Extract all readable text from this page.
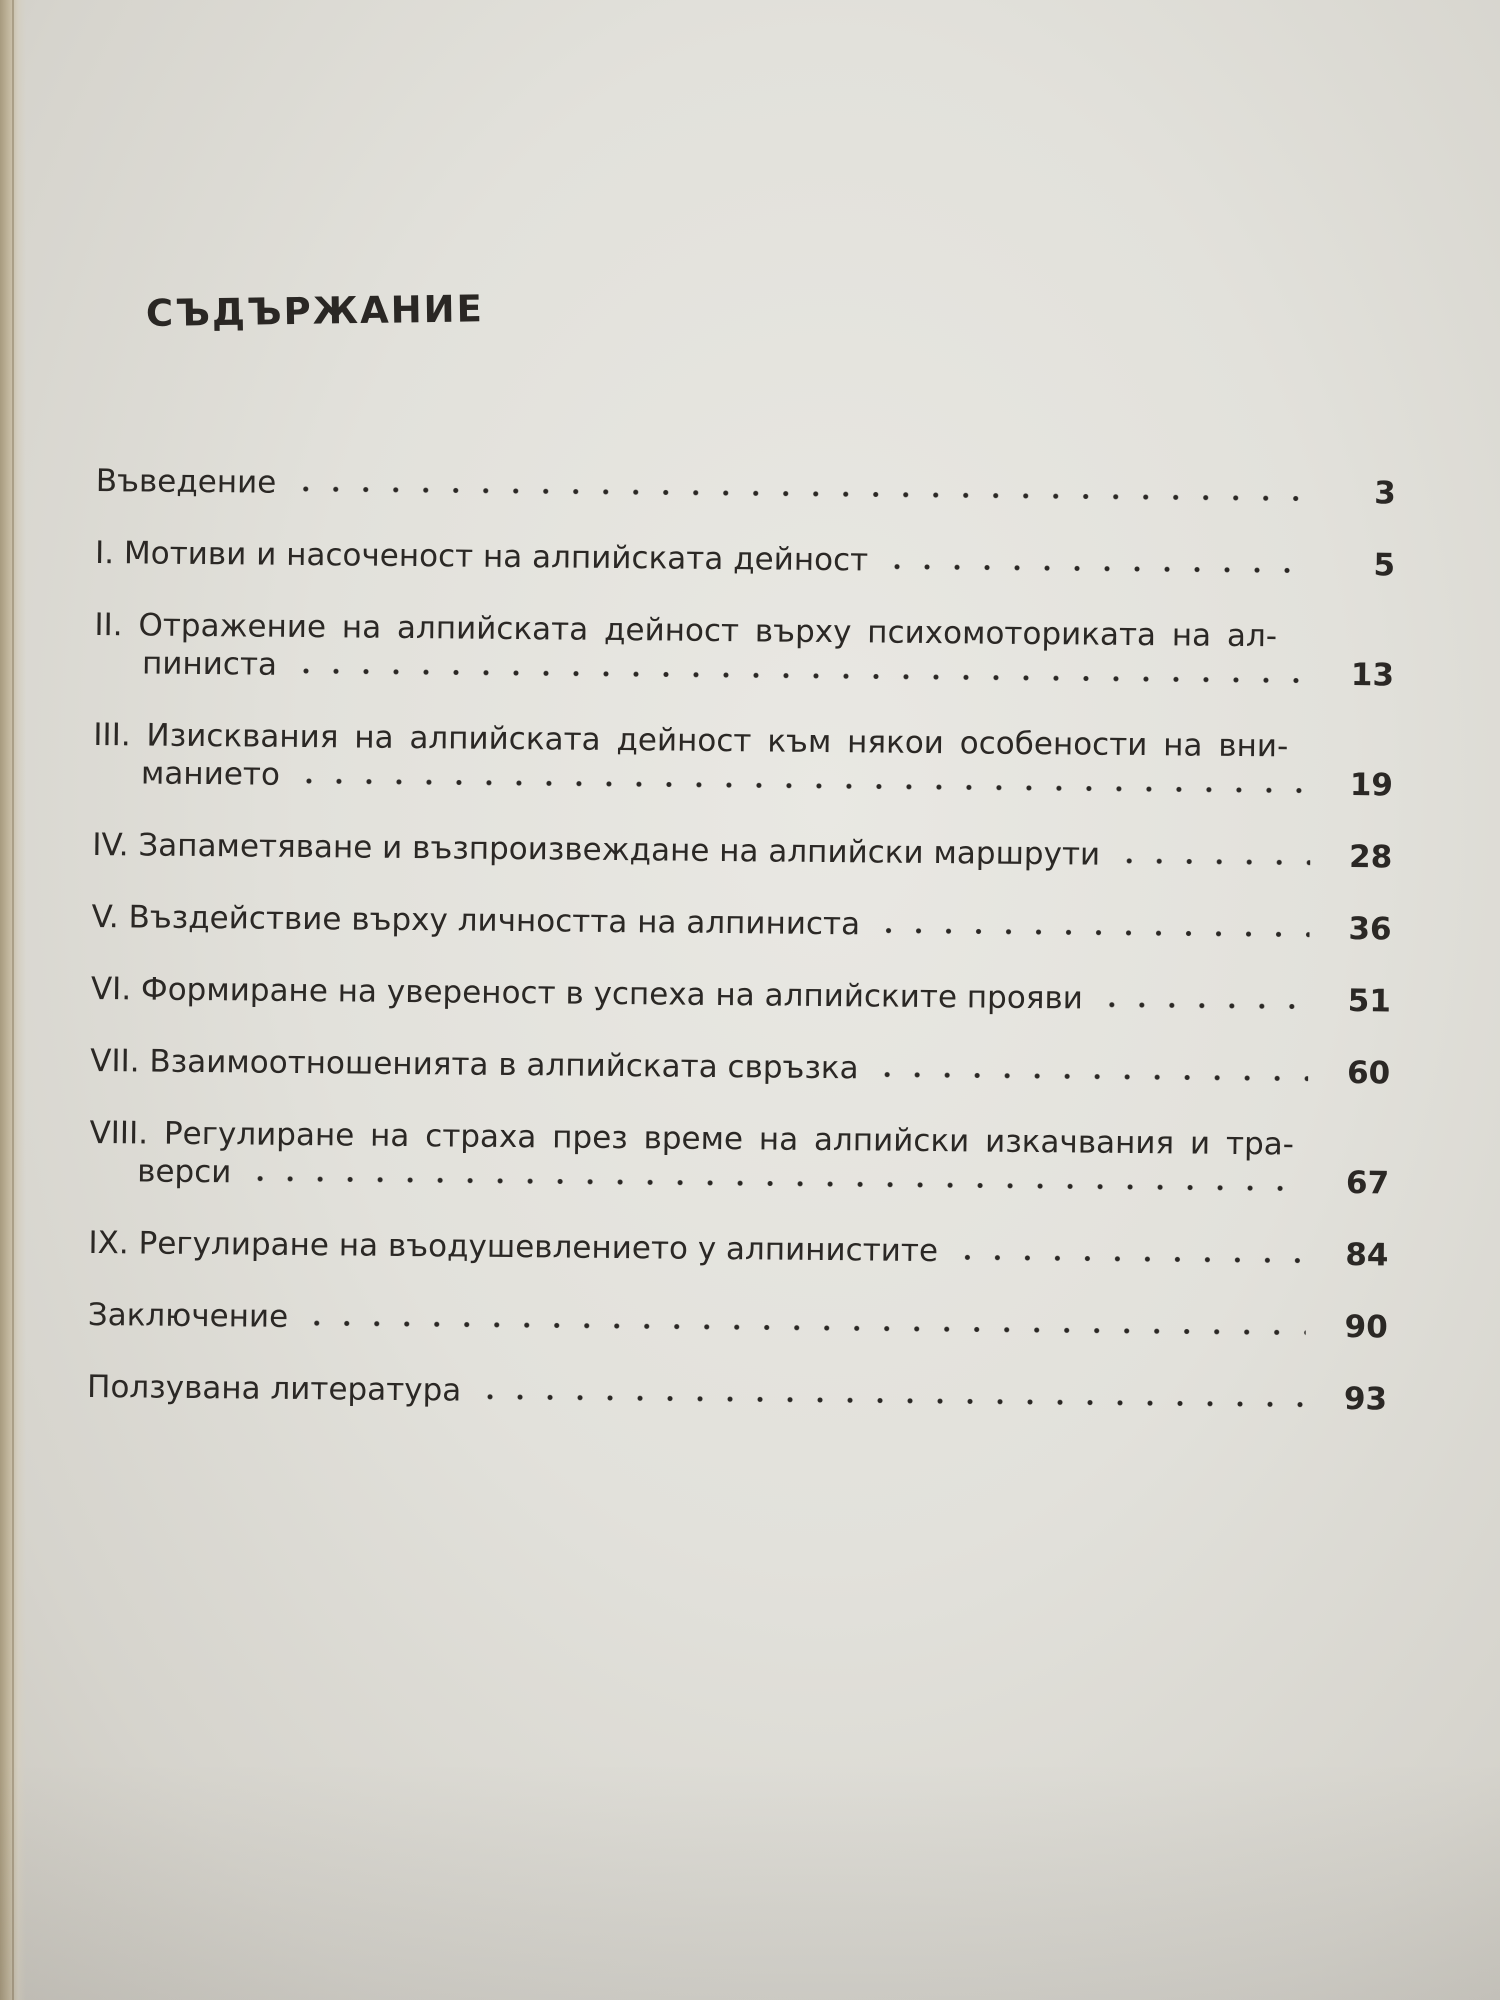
СЪДЪРЖАНИЕ
Въведение	3
I. Мотиви и насоченост на алпийската дейност	5
II. Отражение на алпийската дейност върху психомоториката на ал-
пиниста	13
III. Изисквания на алпийската дейност към някои особености на вни-
манието	19
IV. Запаметяване и възпроизвеждане на алпийски маршрути	28
V. Въздействие върху личността на алпиниста	36
VI. Формиране на увереност в успеха на алпийските прояви	51
VII. Взаимоотношенията в алпийската свръзка	60
VIII. Регулиране на страха през време на алпийски изкачвания и тра-
верси	67
IX. Регулиране на въодушевлението у алпинистите	84
Заключение	90
Ползувана литература	93
